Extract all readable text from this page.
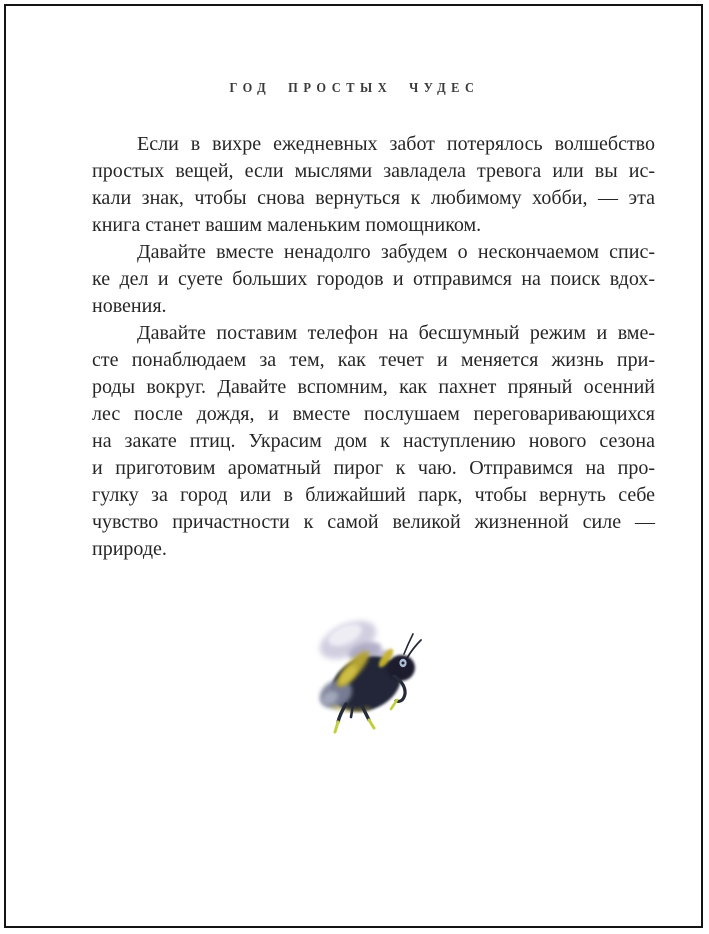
ГОД ПРОСТЫХ ЧУДЕС
Если в вихре ежедневных забот потерялось волшебство
простых вещей, если мыслями завладела тревога или вы ис-
кали знак, чтобы снова вернуться к любимому хобби, — эта
книга станет вашим маленьким помощником.
Давайте вместе ненадолго забудем о нескончаемом спис-
ке дел и суете больших городов и отправимся на поиск вдох-
новения.
Давайте поставим телефон на бесшумный режим и вме-
сте понаблюдаем за тем, как течет и меняется жизнь при-
роды вокруг. Давайте вспомним, как пахнет пряный осенний
лес после дождя, и вместе послушаем переговаривающихся
на закате птиц. Украсим дом к наступлению нового сезона
и приготовим ароматный пирог к чаю. Отправимся на про-
гулку за город или в ближайший парк, чтобы вернуть себе
чувство причастности к самой великой жизненной силе —
природе.
